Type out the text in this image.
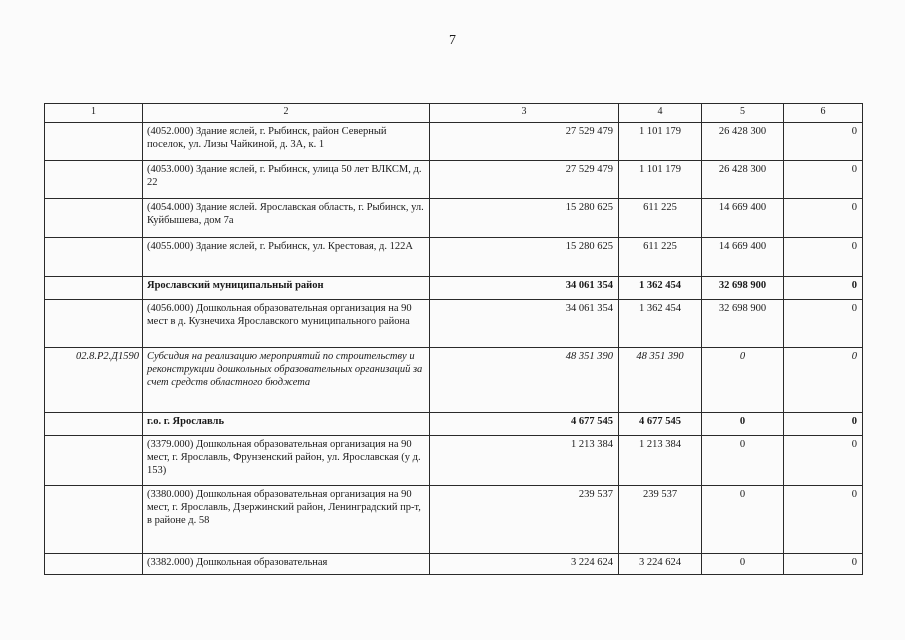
7
1	2	3	4	5	6
	(4052.000) Здание яслей, г. Рыбинск, район Северный поселок, ул. Лизы Чайкиной, д. 3А, к. 1	27 529 479	1 101 179	26 428 300	0
	(4053.000) Здание яслей, г. Рыбинск, улица 50 лет ВЛКСМ, д. 22	27 529 479	1 101 179	26 428 300	0
	(4054.000) Здание яслей. Ярославская область, г. Рыбинск, ул. Куйбышева, дом 7а	15 280 625	611 225	14 669 400	0
	(4055.000) Здание яслей, г. Рыбинск, ул. Крестовая, д. 122А	15 280 625	611 225	14 669 400	0
	Ярославский муниципальный район	34 061 354	1 362 454	32 698 900	0
	(4056.000) Дошкольная образовательная организация на 90 мест в д. Кузнечиха Ярославского муниципального района	34 061 354	1 362 454	32 698 900	0
02.8.Р2.Д1590	Субсидия на реализацию мероприятий по строительству и реконструкции дошкольных образовательных организаций за счет средств областного бюджета	48 351 390	48 351 390	0	0
	г.о. г. Ярославль	4 677 545	4 677 545	0	0
	(3379.000) Дошкольная образовательная организация на 90 мест, г. Ярославль, Фрунзенский район, ул. Ярославская (у д. 153)	1 213 384	1 213 384	0	0
	(3380.000) Дошкольная образовательная организация на 90 мест, г. Ярославль, Дзержинский район, Ленинградский пр-т, в районе д. 58	239 537	239 537	0	0
	(3382.000) Дошкольная образовательная	3 224 624	3 224 624	0	0
